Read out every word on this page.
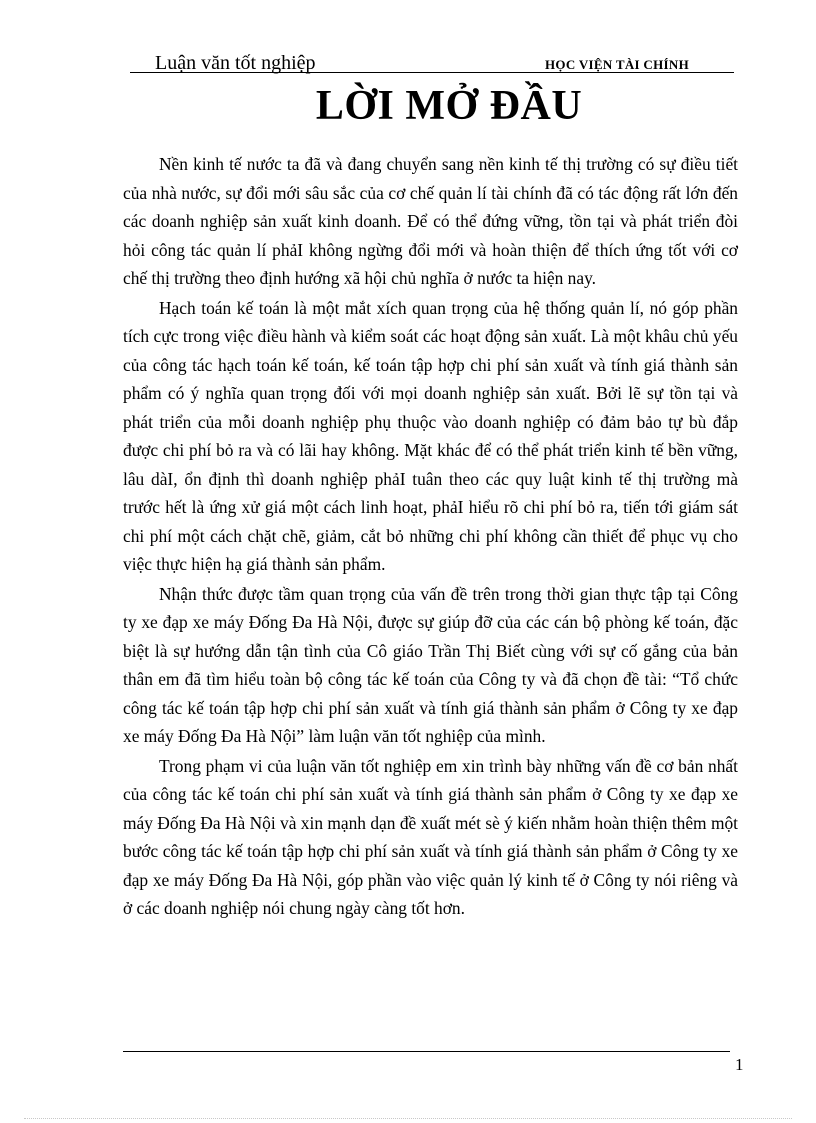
Luận văn tốt nghiệp	HỌC VIỆN TÀI CHÍNH
LỜI MỞ ĐẦU

Nền kinh tế nước ta đã và đang chuyển sang nền kinh tế thị trường có sự điều tiết của nhà nước, sự đổi mới sâu sắc của cơ chế quản lí tài chính đã có tác động rất lớn đến các doanh nghiệp sản xuất kinh doanh. Để có thể đứng vững, tồn tại và phát triển đòi hỏi công tác quản lí phảI không ngừng đổi mới và hoàn thiện để thích ứng tốt với cơ chế thị trường theo định hướng xã hội chủ nghĩa ở nước ta hiện nay.

Hạch toán kế toán là một mắt xích quan trọng của hệ thống quản lí, nó góp phần tích cực trong việc điều hành và kiểm soát các hoạt động sản xuất. Là một khâu chủ yếu của công tác hạch toán kế toán, kế toán tập hợp chi phí sản xuất và tính giá thành sản phẩm có ý nghĩa quan trọng đối với mọi doanh nghiệp sản xuất. Bởi lẽ sự tồn tại và phát triển của mỗi doanh nghiệp phụ thuộc vào doanh nghiệp có đảm bảo tự bù đắp được chi phí bỏ ra và có lãi hay không. Mặt khác để có thể phát triển kinh tế bền vững, lâu dàI, ổn định thì doanh nghiệp phảI tuân theo các quy luật kinh tế thị trường mà trước hết là ứng xử giá một cách linh hoạt, phảI hiểu rõ chi phí bỏ ra, tiến tới giám sát chi phí một cách chặt chẽ, giảm, cắt bỏ những chi phí không cần thiết để phục vụ cho việc thực hiện hạ giá thành sản phẩm.

Nhận thức được tầm quan trọng của vấn đề trên trong thời gian thực tập tại Công ty xe đạp xe máy Đống Đa Hà Nội, được sự giúp đỡ của các cán bộ phòng kế toán, đặc biệt là sự hướng dẫn tận tình của Cô giáo Trần Thị Biết cùng với sự cố gắng của bản thân em đã tìm hiểu toàn bộ công tác kế toán của Công ty và đã chọn đề tài: “Tổ chức công tác kế toán tập hợp chi phí sản xuất và tính giá thành sản phẩm ở Công ty xe đạp xe máy Đống Đa Hà Nội” làm luận văn tốt nghiệp của mình.

Trong phạm vi của luận văn tốt nghiệp em xin trình bày những vấn đề cơ bản nhất của công tác kế toán chi phí sản xuất và tính giá thành sản phẩm ở Công ty xe đạp xe máy Đống Đa Hà Nội và xin mạnh dạn đề xuất mét sè ý kiến nhằm hoàn thiện thêm một bước công tác kế toán tập hợp chi phí sản xuất và tính giá thành sản phẩm ở Công ty xe đạp xe máy Đống Đa Hà Nội, góp phần vào việc quản lý kinh tế ở Công ty nói riêng và ở các doanh nghiệp nói chung ngày càng tốt hơn.

1
